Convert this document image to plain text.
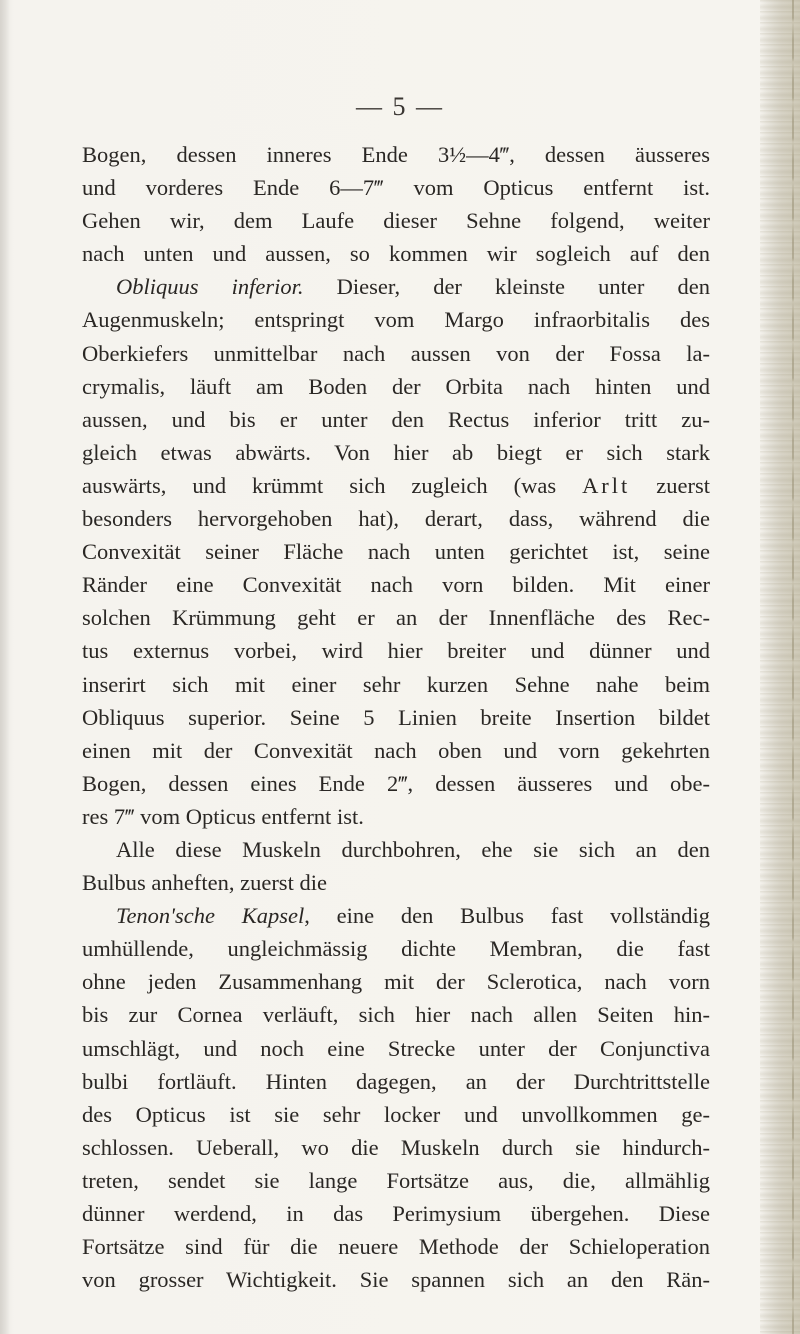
— 5 —
Bogen, dessen inneres Ende 3½—4‴, dessen äusseres
und vorderes Ende 6—7‴ vom Opticus entfernt ist.
Gehen wir, dem Laufe dieser Sehne folgend, weiter
nach unten und aussen, so kommen wir sogleich auf den
Obliquus inferior. Dieser, der kleinste unter den
Augenmuskeln; entspringt vom Margo infraorbitalis des
Oberkiefers unmittelbar nach aussen von der Fossa la-
crymalis, läuft am Boden der Orbita nach hinten und
aussen, und bis er unter den Rectus inferior tritt zu-
gleich etwas abwärts. Von hier ab biegt er sich stark
auswärts, und krümmt sich zugleich (was Arlt zuerst
besonders hervorgehoben hat), derart, dass, während die
Convexität seiner Fläche nach unten gerichtet ist, seine
Ränder eine Convexität nach vorn bilden. Mit einer
solchen Krümmung geht er an der Innenfläche des Rec-
tus externus vorbei, wird hier breiter und dünner und
inserirt sich mit einer sehr kurzen Sehne nahe beim
Obliquus superior. Seine 5 Linien breite Insertion bildet
einen mit der Convexität nach oben und vorn gekehrten
Bogen, dessen eines Ende 2‴, dessen äusseres und obe-
res 7‴ vom Opticus entfernt ist.
Alle diese Muskeln durchbohren, ehe sie sich an den
Bulbus anheften, zuerst die
Tenon'sche Kapsel, eine den Bulbus fast vollständig
umhüllende, ungleichmässig dichte Membran, die fast
ohne jeden Zusammenhang mit der Sclerotica, nach vorn
bis zur Cornea verläuft, sich hier nach allen Seiten hin-
umschlägt, und noch eine Strecke unter der Conjunctiva
bulbi fortläuft. Hinten dagegen, an der Durchtrittstelle
des Opticus ist sie sehr locker und unvollkommen ge-
schlossen. Ueberall, wo die Muskeln durch sie hindurch-
treten, sendet sie lange Fortsätze aus, die, allmählig
dünner werdend, in das Perimysium übergehen. Diese
Fortsätze sind für die neuere Methode der Schieloperation
von grosser Wichtigkeit. Sie spannen sich an den Rän-
